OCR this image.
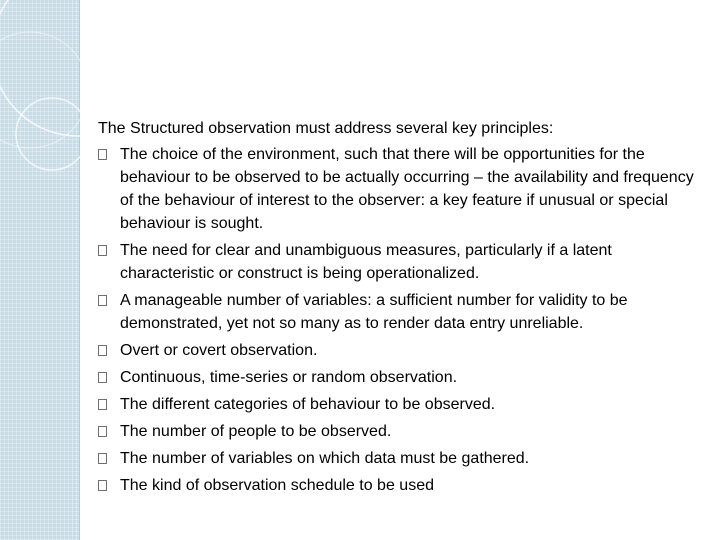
The Structured observation must address several key principles:

The choice of the environment, such that there will be opportunities for the behaviour to be observed to be actually occurring – the availability and frequency of the behaviour of interest to the observer: a key feature if unusual or special behaviour is sought.
The need for clear and unambiguous measures, particularly if a latent characteristic or construct is being operationalized.
A manageable number of variables: a sufficient number for validity to be demonstrated, yet not so many as to render data entry unreliable.
Overt or covert observation.
Continuous, time-series or random observation.
The different categories of behaviour to be observed.
The number of people to be observed.
The number of variables on which data must be gathered.
The kind of observation schedule to be used
